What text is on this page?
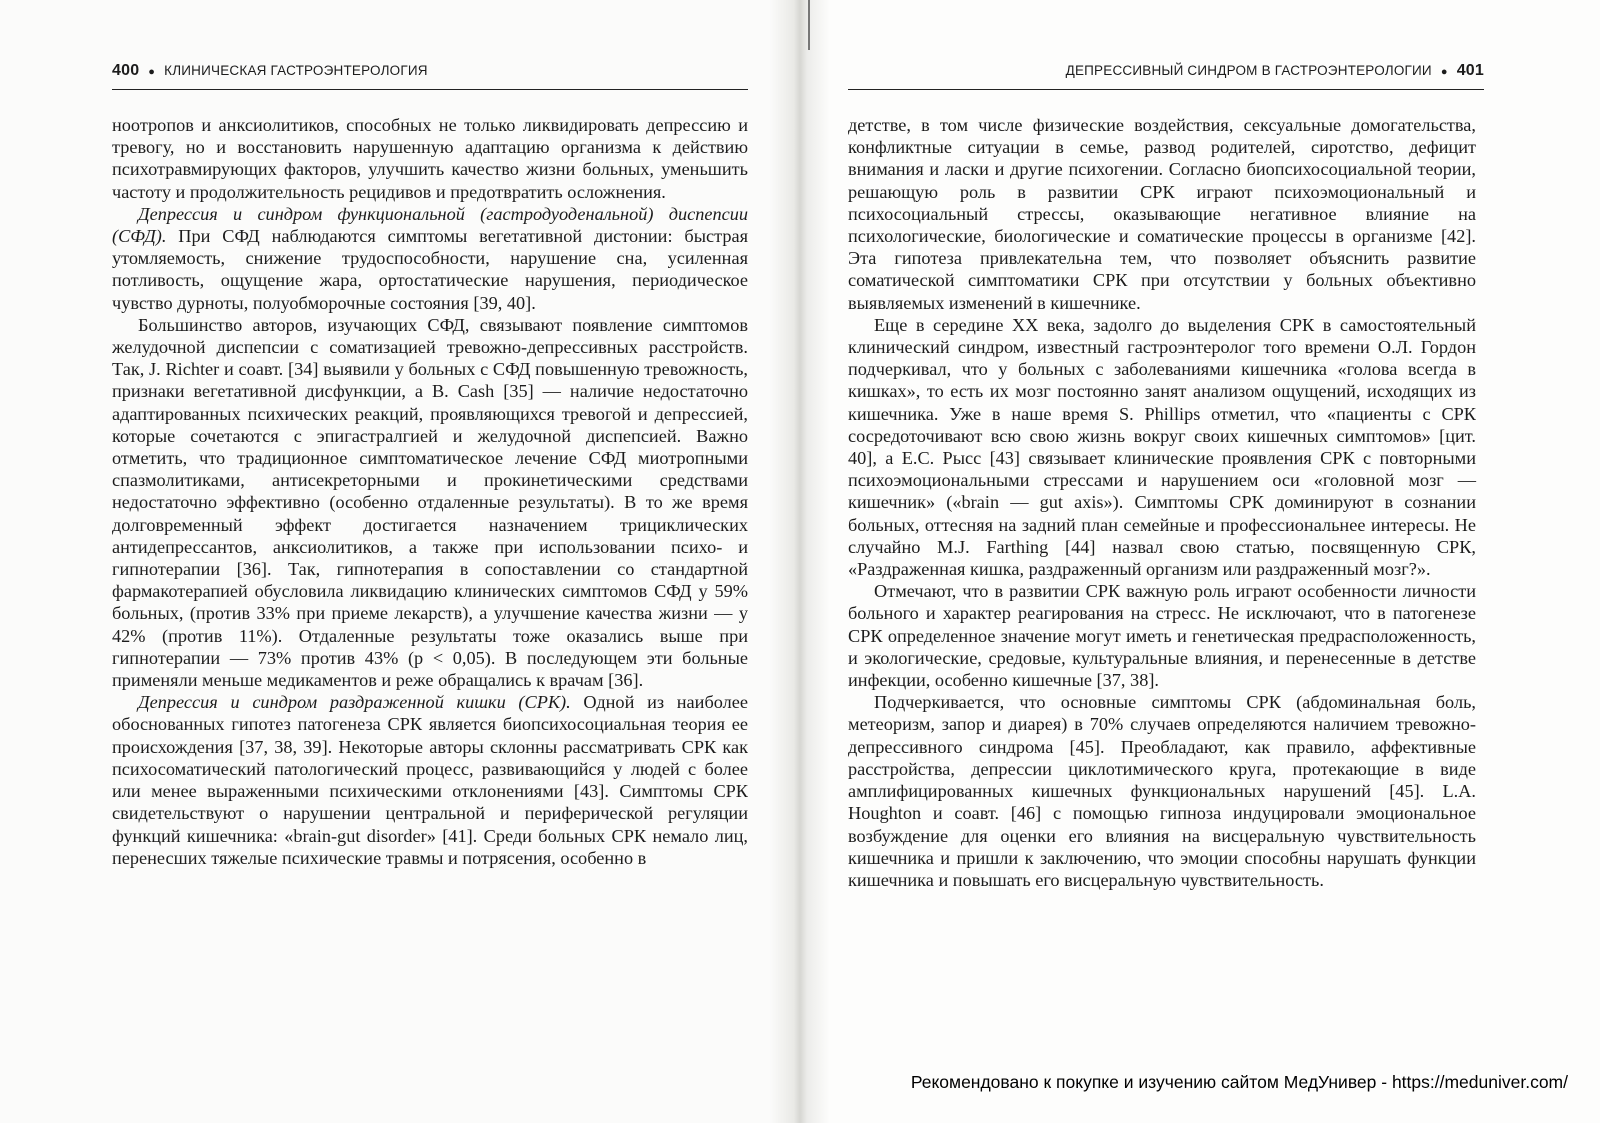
400 ● КЛИНИЧЕСКАЯ ГАСТРОЭНТЕРОЛОГИЯ	ДЕПРЕССИВНЫЙ СИНДРОМ В ГАСТРОЭНТЕРОЛОГИИ ● 401

ноотропов и анксиолитиков, способных не только ликвидировать депрессию и тревогу, но и восстановить нарушенную адаптацию организма к действию психотравмирующих факторов, улучшить качество жизни больных, уменьшить частоту и продолжительность рецидивов и предотвратить осложнения.

Депрессия и синдром функциональной (гастродуоденальной) диспепсии (СФД). При СФД наблюдаются симптомы вегетативной дистонии: быстрая утомляемость, снижение трудоспособности, нарушение сна, усиленная потливость, ощущение жара, ортостатические нарушения, периодическое чувство дурноты, полуобморочные состояния [39, 40].

Большинство авторов, изучающих СФД, связывают появление симптомов желудочной диспепсии с соматизацией тревожно-депрессивных расстройств. Так, J. Richter и соавт. [34] выявили у больных с СФД повышенную тревожность, признаки вегетативной дисфункции, а B. Cash [35] — наличие недостаточно адаптированных психических реакций, проявляющихся тревогой и депрессией, которые сочетаются с эпигастралгией и желудочной диспепсией. Важно отметить, что традиционное симптоматическое лечение СФД миотропными спазмолитиками, антисекреторными и прокинетическими средствами недостаточно эффективно (особенно отдаленные результаты). В то же время долговременный эффект достигается назначением трициклических антидепрессантов, анксиолитиков, а также при использовании психо- и гипнотерапии [36]. Так, гипнотерапия в сопоставлении со стандартной фармакотерапией обусловила ликвидацию клинических симптомов СФД у 59% больных, (против 33% при приеме лекарств), а улучшение качества жизни — у 42% (против 11%). Отдаленные результаты тоже оказались выше при гипнотерапии — 73% против 43% (p < 0,05). В последующем эти больные применяли меньше медикаментов и реже обращались к врачам [36].

Депрессия и синдром раздраженной кишки (СРК). Одной из наиболее обоснованных гипотез патогенеза СРК является биопсихосоциальная теория ее происхождения [37, 38, 39]. Некоторые авторы склонны рассматривать СРК как психосоматический патологический процесс, развивающийся у людей с более или менее выраженными психическими отклонениями [43]. Симптомы СРК свидетельствуют о нарушении центральной и периферической регуляции функций кишечника: «brain-gut disorder» [41]. Среди больных СРК немало лиц, перенесших тяжелые психические травмы и потрясения, особенно в

детстве, в том числе физические воздействия, сексуальные домогательства, конфликтные ситуации в семье, развод родителей, сиротство, дефицит внимания и ласки и другие психогении. Согласно биопсихосоциальной теории, решающую роль в развитии СРК играют психоэмоциональный и психосоциальный стрессы, оказывающие негативное влияние на психологические, биологические и соматические процессы в организме [42]. Эта гипотеза привлекательна тем, что позволяет объяснить развитие соматической симптоматики СРК при отсутствии у больных объективно выявляемых изменений в кишечнике.

Еще в середине XX века, задолго до выделения СРК в самостоятельный клинический синдром, известный гастроэнтеролог того времени О.Л. Гордон подчеркивал, что у больных с заболеваниями кишечника «голова всегда в кишках», то есть их мозг постоянно занят анализом ощущений, исходящих из кишечника. Уже в наше время S. Phillips отметил, что «пациенты с СРК сосредоточивают всю свою жизнь вокруг своих кишечных симптомов» [цит. 40], а E.C. Рысс [43] связывает клинические проявления СРК с повторными психоэмоциональными стрессами и нарушением оси «головной мозг — кишечник» («brain — gut axis»). Симптомы СРК доминируют в сознании больных, оттесняя на задний план семейные и профессиональнее интересы. Не случайно M.J. Farthing [44] назвал свою статью, посвященную СРК, «Раздраженная кишка, раздраженный организм или раздраженный мозг?».

Отмечают, что в развитии СРК важную роль играют особенности личности больного и характер реагирования на стресс. Не исключают, что в патогенезе СРК определенное значение могут иметь и генетическая предрасположенность, и экологические, средовые, культуральные влияния, и перенесенные в детстве инфекции, особенно кишечные [37, 38].

Подчеркивается, что основные симптомы СРК (абдоминальная боль, метеоризм, запор и диарея) в 70% случаев определяются наличием тревожно-депрессивного синдрома [45]. Преобладают, как правило, аффективные расстройства, депрессии циклотимического круга, протекающие в виде амплифицированных кишечных функциональных нарушений [45]. L.A. Houghton и соавт. [46] с помощью гипноза индуцировали эмоциональное возбуждение для оценки его влияния на висцеральную чувствительность кишечника и пришли к заключению, что эмоции способны нарушать функции кишечника и повышать его висцеральную чувствительность.

Рекомендовано к покупке и изучению сайтом МедУнивер - https://meduniver.com/
